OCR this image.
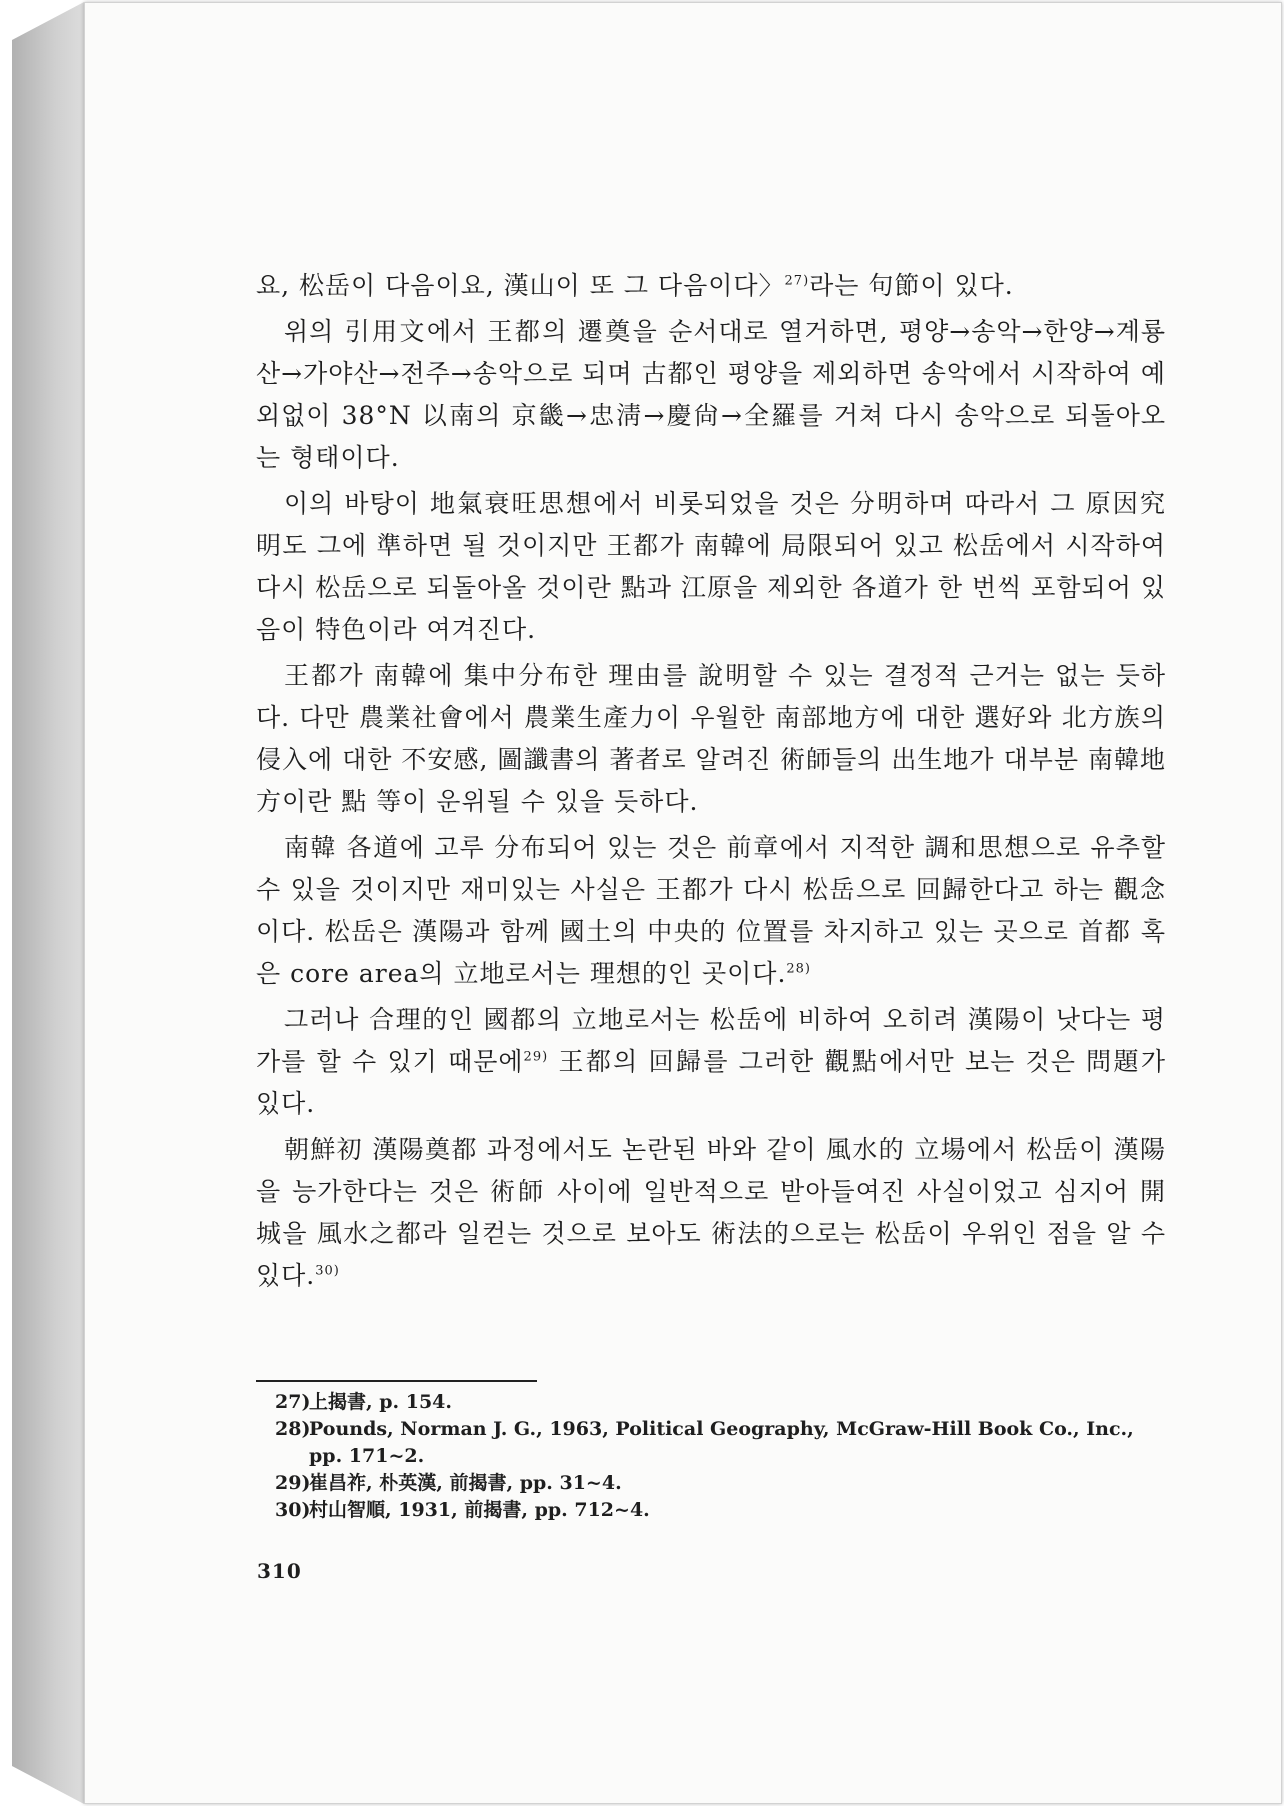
요, 松岳이 다음이요, 漢山이 또 그 다음이다〉$^{27)}$라는 句節이 있다.

위의 引用文에서 王都의 遷奠을 순서대로 열거하면, 평양→송악→한양→계룡산→가야산→전주→송악으로 되며 古都인 평양을 제외하면 송악에서 시작하여 예외없이 38°N 以南의 京畿→忠淸→慶尙→全羅를 거쳐 다시 송악으로 되돌아오는 형태이다.

이의 바탕이 地氣衰旺思想에서 비롯되었을 것은 分明하며 따라서 그 原因究明도 그에 準하면 될 것이지만 王都가 南韓에 局限되어 있고 松岳에서 시작하여 다시 松岳으로 되돌아올 것이란 點과 江原을 제외한 各道가 한 번씩 포함되어 있음이 特色이라 여겨진다.

王都가 南韓에 集中分布한 理由를 說明할 수 있는 결정적 근거는 없는 듯하다. 다만 農業社會에서 農業生產力이 우월한 南部地方에 대한 選好와 北方族의 侵入에 대한 不安感, 圖讖書의 著者로 알려진 術師들의 出生地가 대부분 南韓地方이란 點 等이 운위될 수 있을 듯하다.

南韓 各道에 고루 分布되어 있는 것은 前章에서 지적한 調和思想으로 유추할 수 있을 것이지만 재미있는 사실은 王都가 다시 松岳으로 回歸한다고 하는 觀念이다. 松岳은 漢陽과 함께 國土의 中央的 位置를 차지하고 있는 곳으로 首都 혹은 core area의 立地로서는 理想的인 곳이다.$^{28)}$

그러나 合理的인 國都의 立地로서는 松岳에 비하여 오히려 漢陽이 낫다는 평가를 할 수 있기 때문에$^{29)}$ 王都의 回歸를 그러한 觀點에서만 보는 것은 問題가 있다.

朝鮮初 漢陽奠都 과정에서도 논란된 바와 같이 風水的 立場에서 松岳이 漢陽을 능가한다는 것은 術師 사이에 일반적으로 받아들여진 사실이었고 심지어 開城을 風水之都라 일컫는 것으로 보아도 術法的으로는 松岳이 우위인 점을 알 수 있다.$^{30)}$

27)上揭書, p. 154.
28)Pounds, Norman J. G., 1963, Political Geography, McGraw-Hill Book Co., Inc., pp. 171~2.
29)崔昌祚, 朴英漢, 前揭書, pp. 31~4.
30)村山智順, 1931, 前揭書, pp. 712~4.
310
